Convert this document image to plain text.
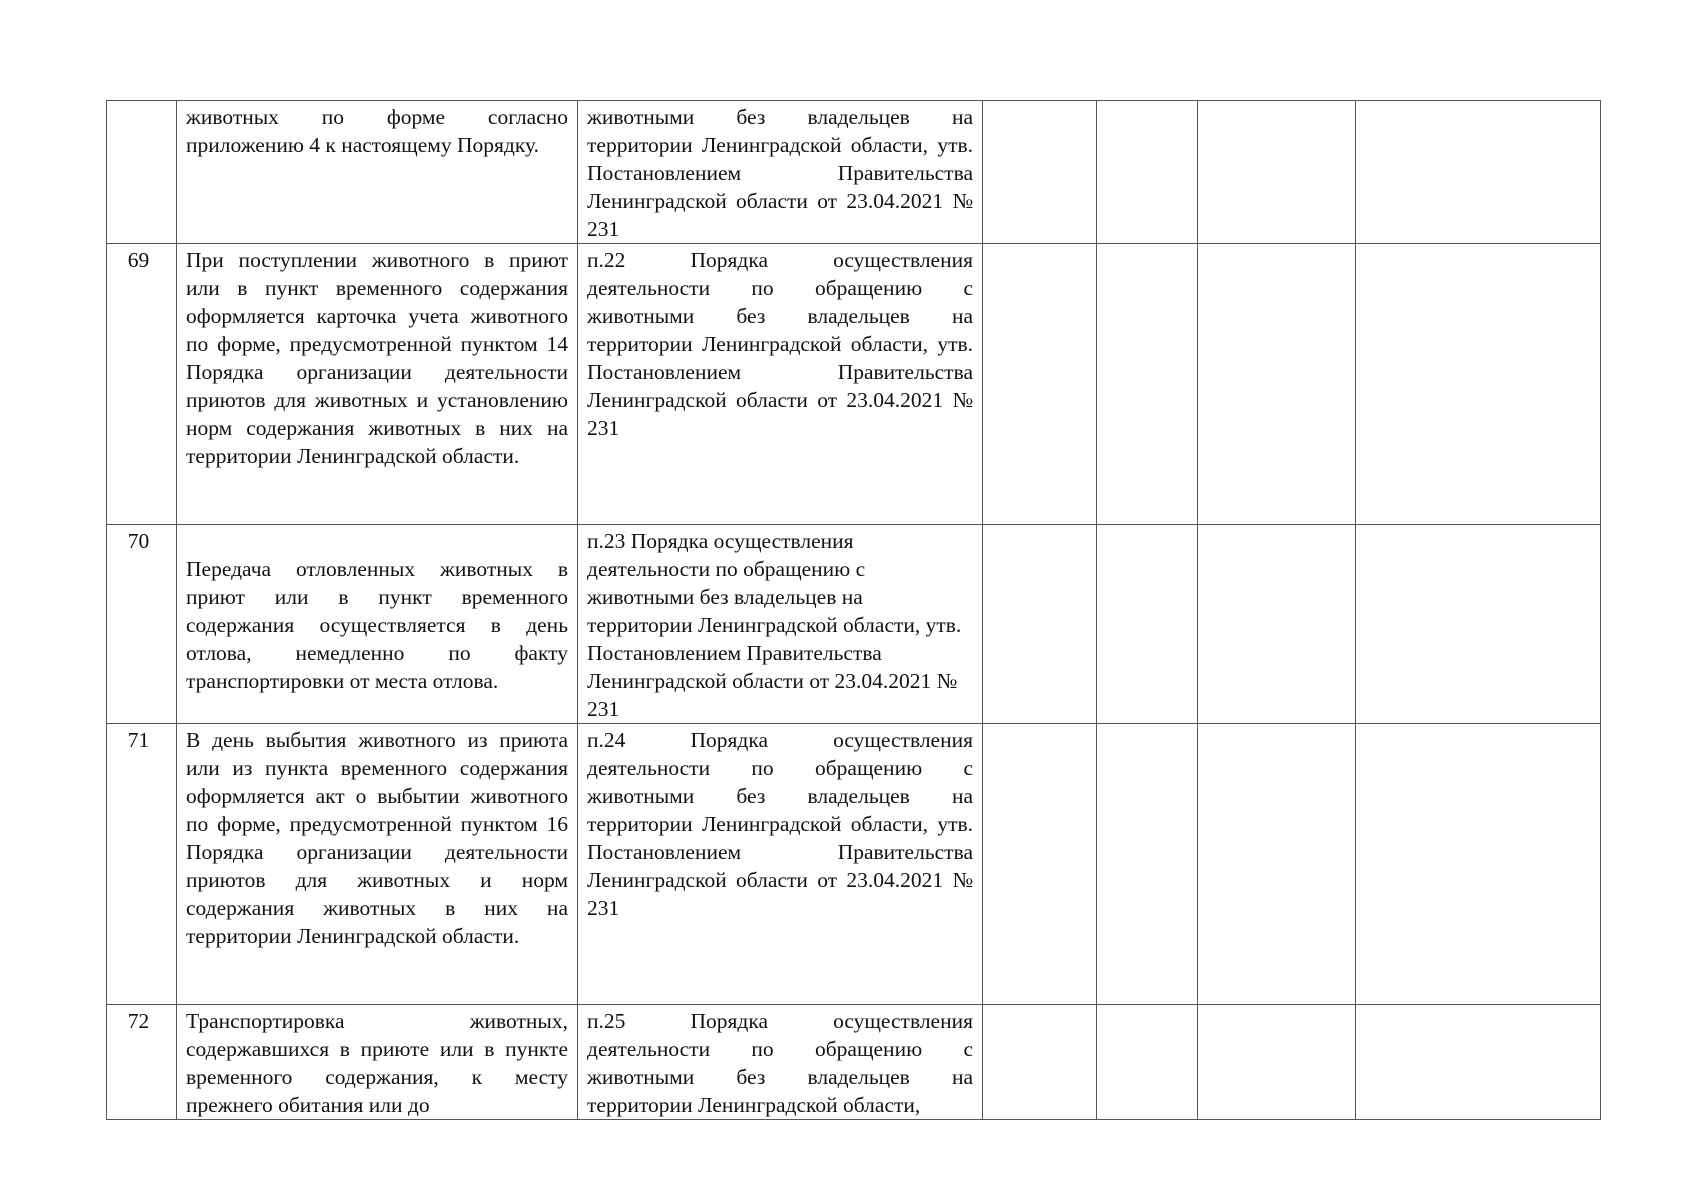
	животных по форме согласно приложению 4 к настоящему Порядку.	животными без владельцев на территории Ленинградской области, утв. Постановлением Правительства Ленинградской области от 23.04.2021 № 231				
69	При поступлении животного в приют или в пункт временного содержания оформляется карточка учета животного по форме, предусмотренной пунктом 14 Порядка организации деятельности приютов для животных и установлению норм содержания животных в них на территории Ленинградской области.	п.22 Порядка осуществления деятельности по обращению с животными без владельцев на территории Ленинградской области, утв. Постановлением Правительства Ленинградской области от 23.04.2021 № 231				
70	Передача отловленных животных в приют или в пункт временного содержания осуществляется в день отлова, немедленно по факту транспортировки от места отлова.	п.23 Порядка осуществления деятельности по обращению с животными без владельцев на территории Ленинградской области, утв. Постановлением Правительства Ленинградской области от 23.04.2021 № 231				
71	В день выбытия животного из приюта или из пункта временного содержания оформляется акт о выбытии животного по форме, предусмотренной пунктом 16 Порядка организации деятельности приютов для животных и норм содержания животных в них на территории Ленинградской области.	п.24 Порядка осуществления деятельности по обращению с животными без владельцев на территории Ленинградской области, утв. Постановлением Правительства Ленинградской области от 23.04.2021 № 231				
72	Транспортировка животных, содержавшихся в приюте или в пункте временного содержания, к месту прежнего обитания или до	п.25 Порядка осуществления деятельности по обращению с животными без владельцев на территории Ленинградской области,				
